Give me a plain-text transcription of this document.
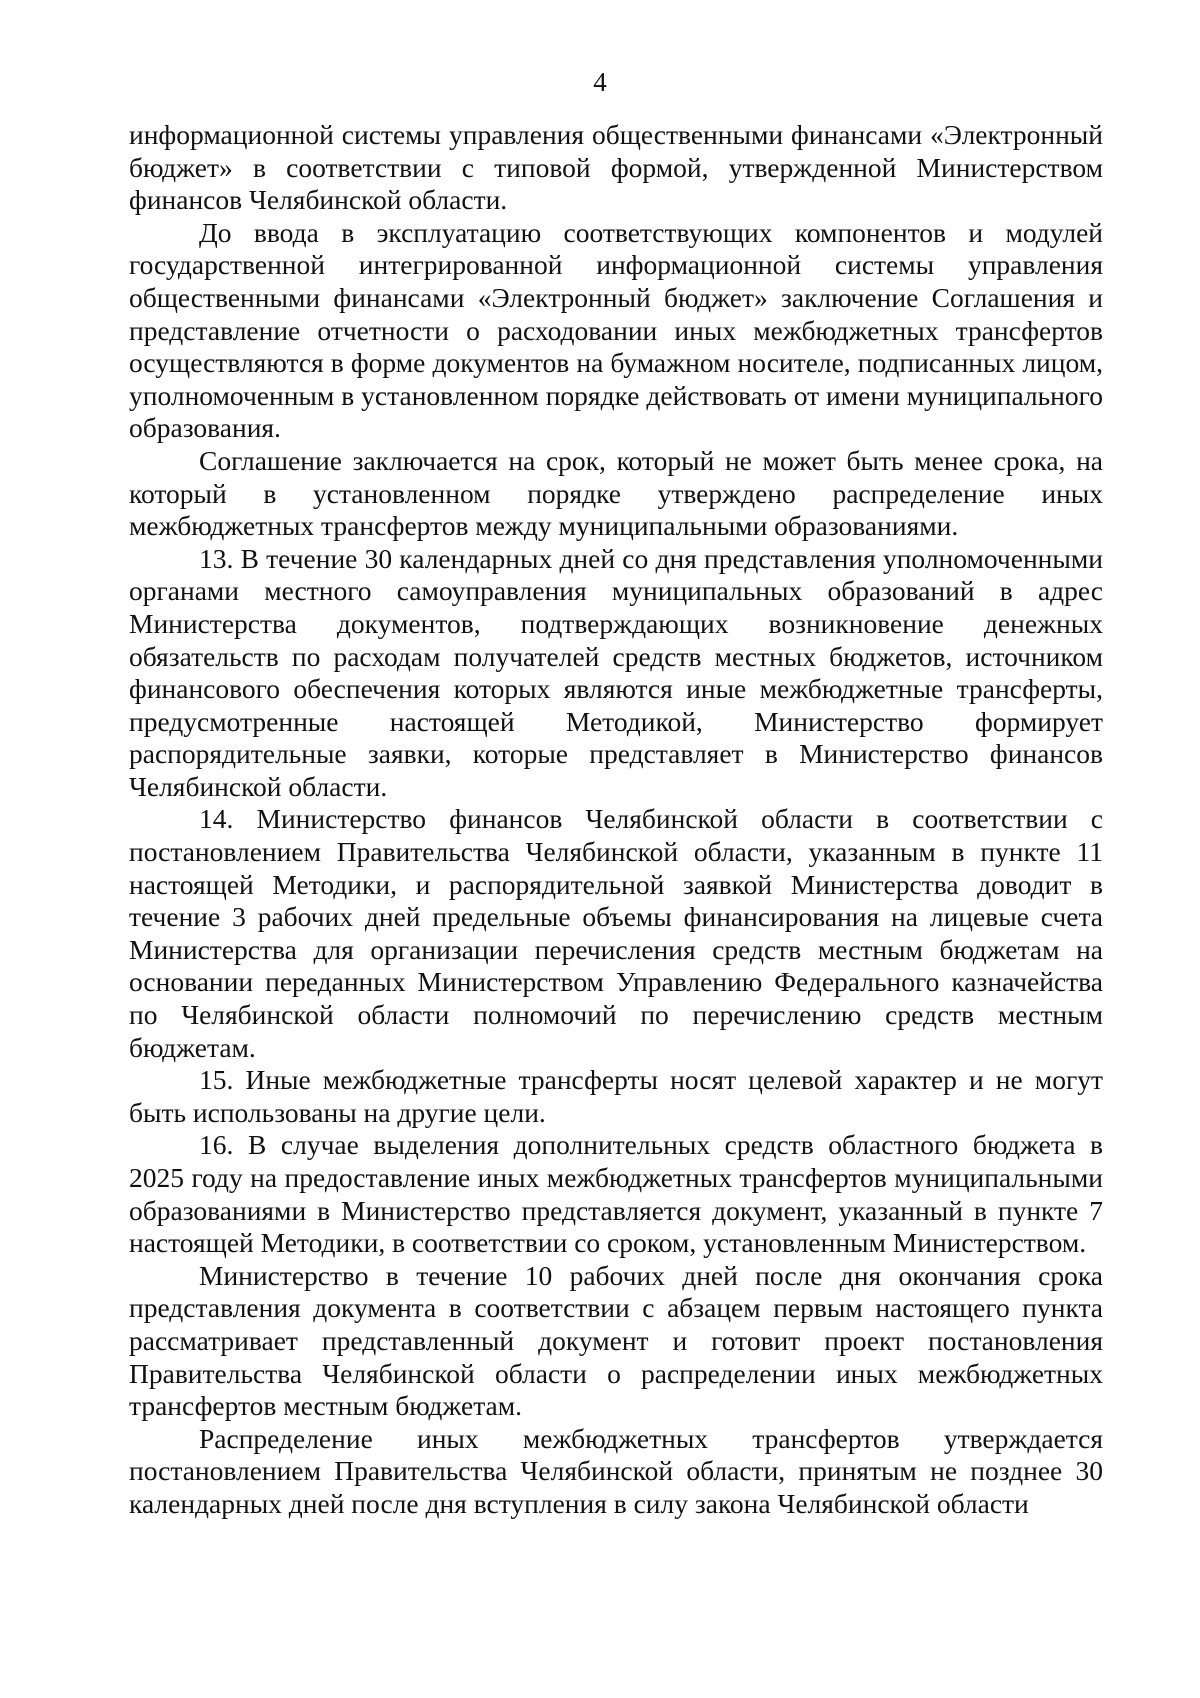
4

информационной системы управления общественными финансами «Электронный бюджет» в соответствии с типовой формой, утвержденной Министерством финансов Челябинской области.

До ввода в эксплуатацию соответствующих компонентов и модулей государственной интегрированной информационной системы управления общественными финансами «Электронный бюджет» заключение Соглашения и представление отчетности о расходовании иных межбюджетных трансфертов осуществляются в форме документов на бумажном носителе, подписанных лицом, уполномоченным в установленном порядке действовать от имени муниципального образования.

Соглашение заключается на срок, который не может быть менее срока, на который в установленном порядке утверждено распределение иных межбюджетных трансфертов между муниципальными образованиями.

13. В течение 30 календарных дней со дня представления уполномоченными органами местного самоуправления муниципальных образований в адрес Министерства документов, подтверждающих возникновение денежных обязательств по расходам получателей средств местных бюджетов, источником финансового обеспечения которых являются иные межбюджетные трансферты, предусмотренные настоящей Методикой, Министерство формирует распорядительные заявки, которые представляет в Министерство финансов Челябинской области.

14. Министерство финансов Челябинской области в соответствии с постановлением Правительства Челябинской области, указанным в пункте 11 настоящей Методики, и распорядительной заявкой Министерства доводит в течение 3 рабочих дней предельные объемы финансирования на лицевые счета Министерства для организации перечисления средств местным бюджетам на основании переданных Министерством Управлению Федерального казначейства по Челябинской области полномочий по перечислению средств местным бюджетам.

15. Иные межбюджетные трансферты носят целевой характер и не могут быть использованы на другие цели.

16. В случае выделения дополнительных средств областного бюджета в 2025 году на предоставление иных межбюджетных трансфертов муниципальными образованиями в Министерство представляется документ, указанный в пункте 7 настоящей Методики, в соответствии со сроком, установленным Министерством.

Министерство в течение 10 рабочих дней после дня окончания срока представления документа в соответствии с абзацем первым настоящего пункта рассматривает представленный документ и готовит проект постановления Правительства Челябинской области о распределении иных межбюджетных трансфертов местным бюджетам.

Распределение иных межбюджетных трансфертов утверждается постановлением Правительства Челябинской области, принятым не позднее 30 календарных дней после дня вступления в силу закона Челябинской области
